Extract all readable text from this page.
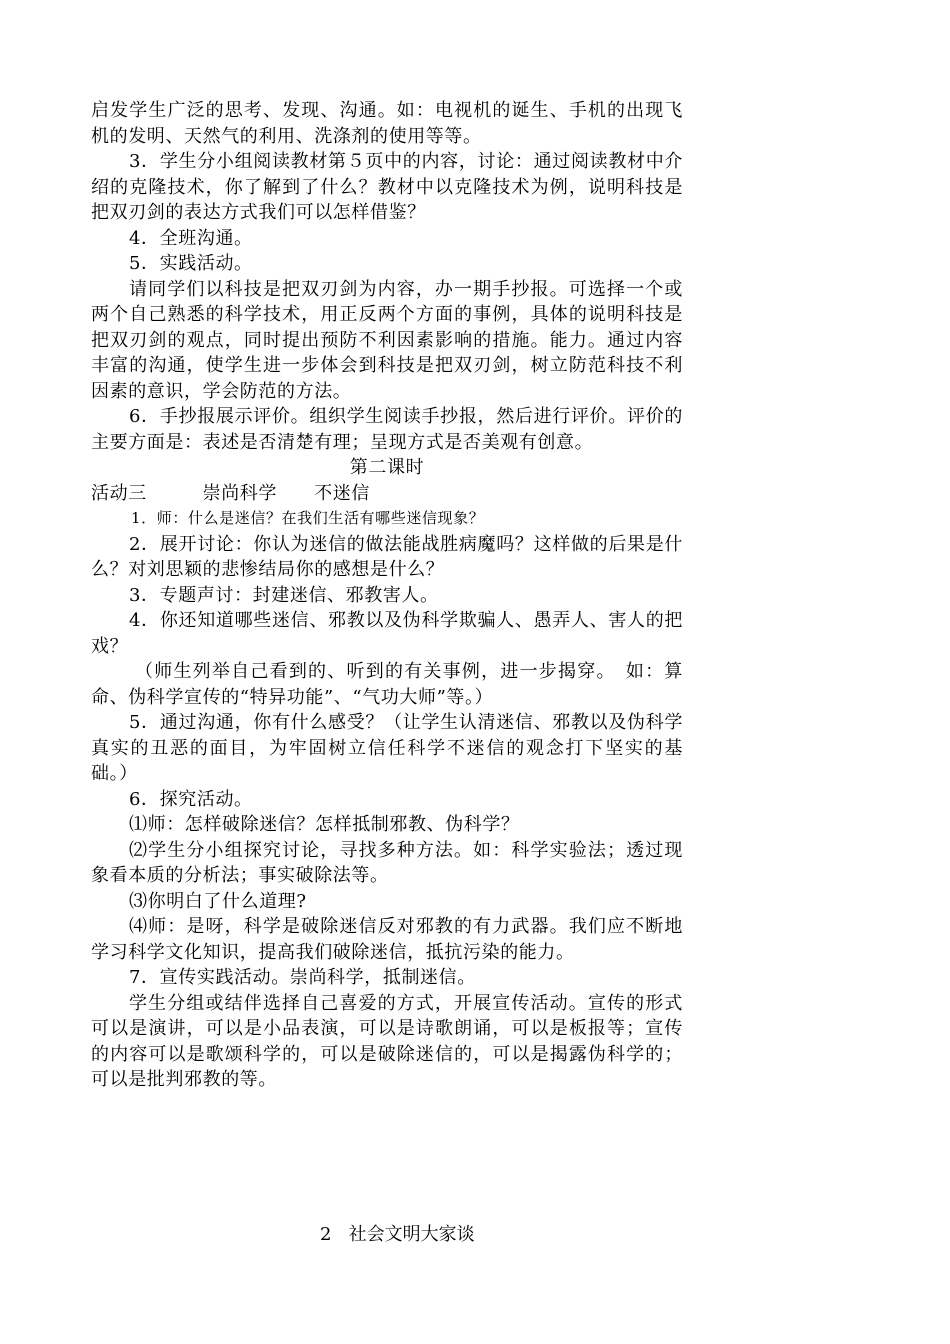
启发学生广泛的思考、发现、沟通。如：电视机的诞生、手机的出现飞机的发明、天然气的利用、洗涤剂的使用等等。

3．学生分小组阅读教材第５页中的内容，讨论：通过阅读教材中介绍的克隆技术，你了解到了什么？教材中以克隆技术为例，说明科技是把双刃剑的表达方式我们可以怎样借鉴？

4．全班沟通。

5．实践活动。

请同学们以科技是把双刃剑为内容，办一期手抄报。可选择一个或两个自己熟悉的科学技术，用正反两个方面的事例，具体的说明科技是把双刃剑的观点，同时提出预防不利因素影响的措施。能力。通过内容丰富的沟通，使学生进一步体会到科技是把双刃剑，树立防范科技不利因素的意识，学会防范的方法。

6．手抄报展示评价。组织学生阅读手抄报，然后进行评价。评价的主要方面是：表述是否清楚有理；呈现方式是否美观有创意。

第二课时

活动三　　　崇尚科学　　不迷信

1．师：什么是迷信？在我们生活有哪些迷信现象？

2．展开讨论：你认为迷信的做法能战胜病魔吗？这样做的后果是什么？对刘思颖的悲惨结局你的感想是什么？

3．专题声讨：封建迷信、邪教害人。

4．你还知道哪些迷信、邪教以及伪科学欺骗人、愚弄人、害人的把戏？

（师生列举自己看到的、听到的有关事例，进一步揭穿。　如：算命、伪科学宣传的“特异功能”、“气功大师”等。）

5．通过沟通，你有什么感受？（让学生认清迷信、邪教以及伪科学真实的丑恶的面目，为牢固树立信任科学不迷信的观念打下坚实的基础。）

6．探究活动。

⑴师：怎样破除迷信？怎样抵制邪教、伪科学？

⑵学生分小组探究讨论，寻找多种方法。如：科学实验法；透过现象看本质的分析法；事实破除法等。

⑶你明白了什么道理?

⑷师：是呀，科学是破除迷信反对邪教的有力武器。我们应不断地学习科学文化知识，提高我们破除迷信，抵抗污染的能力。

7．宣传实践活动。崇尚科学，抵制迷信。

学生分组或结伴选择自己喜爱的方式，开展宣传活动。宣传的形式可以是演讲，可以是小品表演，可以是诗歌朗诵，可以是板报等；宣传的内容可以是歌颂科学的，可以是破除迷信的，可以是揭露伪科学的；可以是批判邪教的等。

2 社会文明大家谈
